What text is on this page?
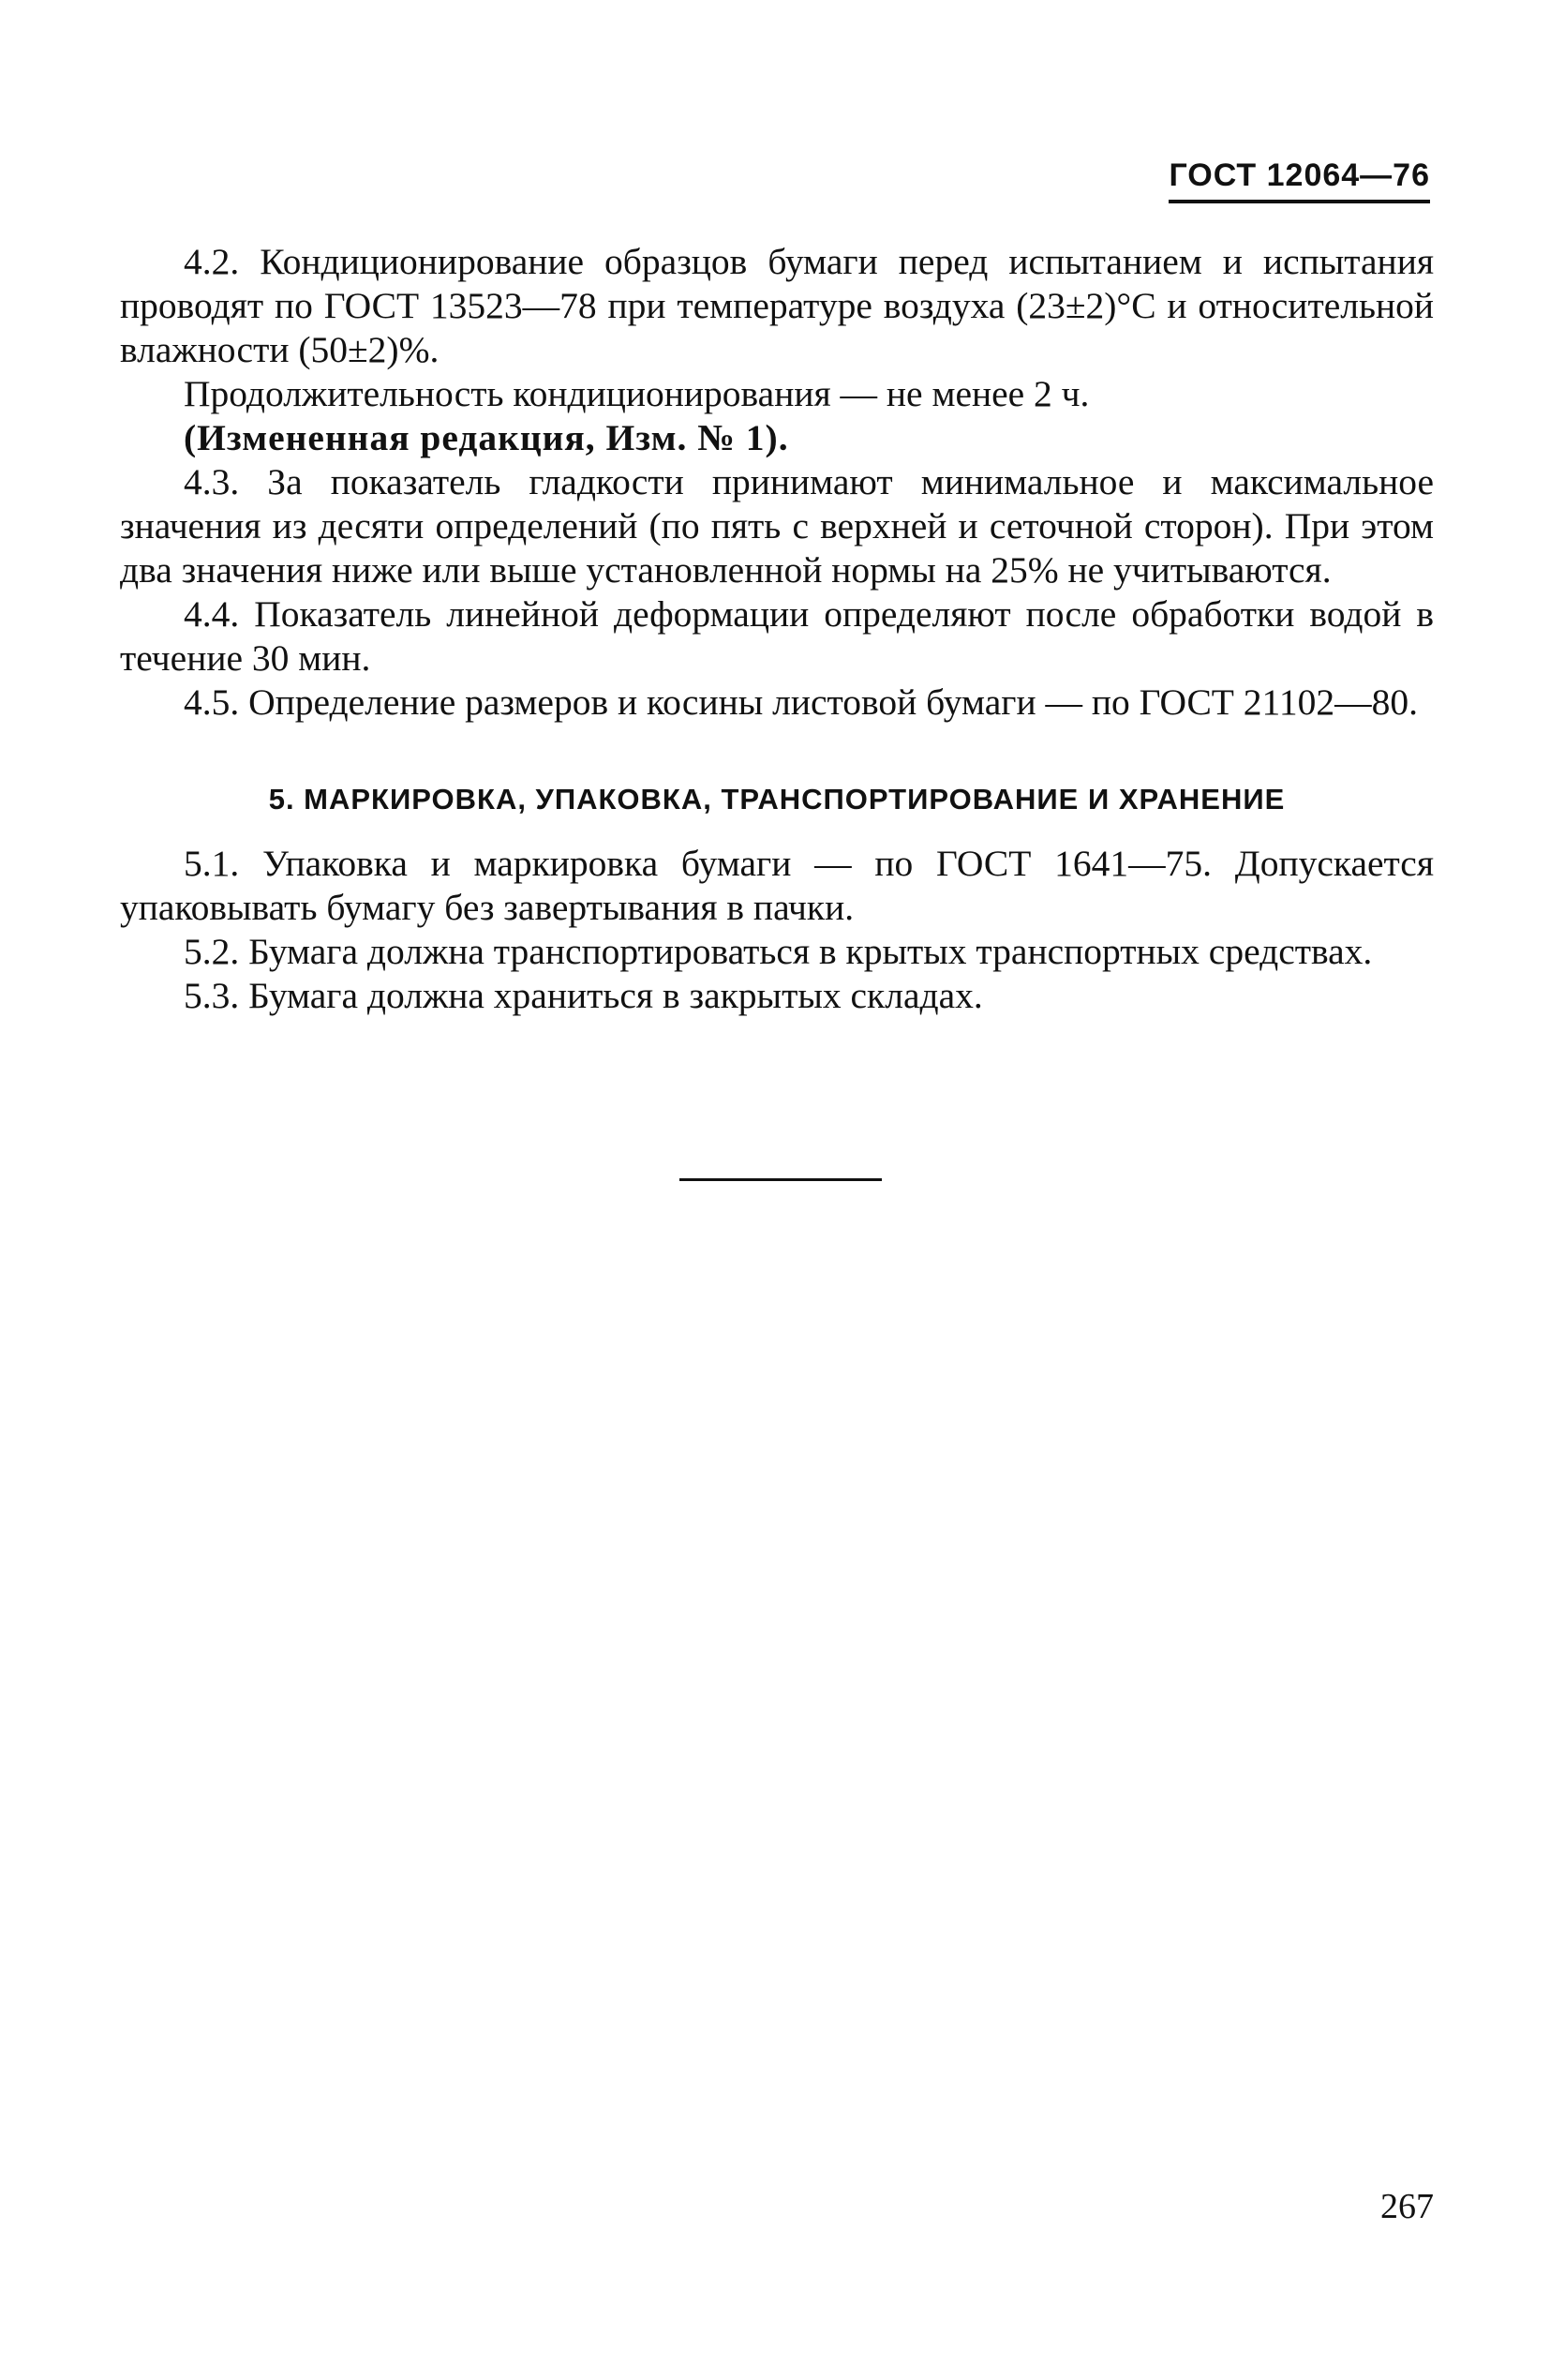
ГОСТ 12064—76

4.2. Кондиционирование образцов бумаги перед испытанием и испытания проводят по ГОСТ 13523—78 при температуре воздуха (23±2)°С и относительной влажности (50±2)%.

Продолжительность кондиционирования — не менее 2 ч.

(Измененная редакция, Изм. № 1).

4.3. За показатель гладкости принимают минимальное и максимальное значения из десяти определений (по пять с верхней и сеточной сторон). При этом два значения ниже или выше установленной нормы на 25% не учитываются.

4.4. Показатель линейной деформации определяют после обработки водой в течение 30 мин.

4.5. Определение размеров и косины листовой бумаги — по ГОСТ 21102—80.

5. МАРКИРОВКА, УПАКОВКА, ТРАНСПОРТИРОВАНИЕ И ХРАНЕНИЕ

5.1. Упаковка и маркировка бумаги — по ГОСТ 1641—75. Допускается упаковывать бумагу без завертывания в пачки.

5.2. Бумага должна транспортироваться в крытых транспортных средствах.

5.3. Бумага должна храниться в закрытых складах.

267
